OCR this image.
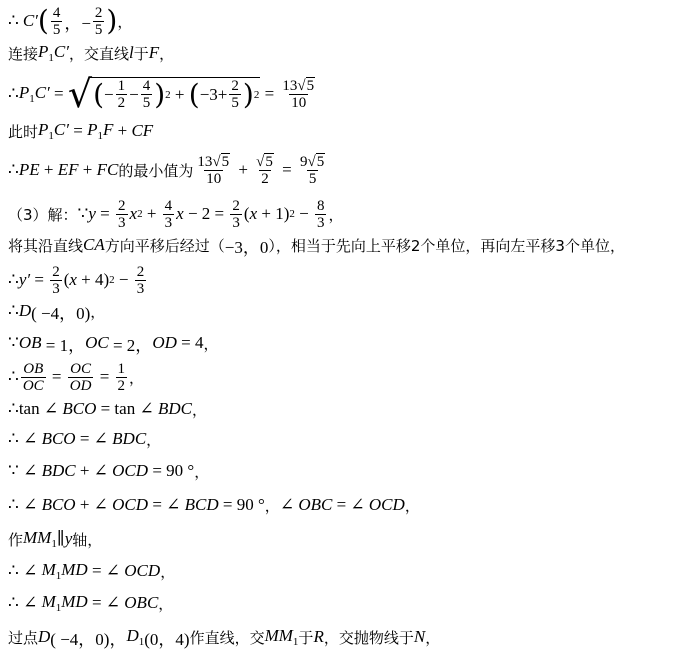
∴ C′ ( $\frac{4}{5}$ ，− $\frac{2}{5}$ ) ，
连接 $P_1C'$ ，交直线 l 于 F ，
∴ $P_1C'$ = √ ( − $\frac{1}{2} - \frac{4}{5}$ ) 2 + ( $-3+ \frac{2}{5}$ ) $2 = \frac{13√5}{10}$
此时 $P_1C' = P_1F$ + CF
∴ PE + EF + FC 的最小值为 $\frac{13√5}{10} + \frac{√5}{2} = \frac{9√5}{5}$
（3）解： ∵ $y = \frac{2}{3}$ x $2 + \frac{4}{3}$ $x - 2 = \frac{2}{3}$ ( x + 1) $2 - \frac{8}{3}$ ，
将其沿直线 CA 方向平移后经过（ −3，0 ），相当于先向上平移2个单位，再向左平移3个单位，
∴ $y' = \frac{2}{3}$ ( x + 4) $2 - \frac{2}{3}$
∴ D ( −4，0) ，
∵ OB = 1， OC = 2， OD = 4 ，
∴ $\frac{OB}{OC} = \frac{OC}{OD} = \frac{1}{2}$ ，
∴tan ∠ BCO = tan ∠ BDC ，
∴ ∠ BCO = ∠ BDC ，
∵ ∠ BDC + ∠ OCD = 90 ° ，
∴ ∠ BCO + ∠ OCD = ∠ BCD = 90 ° ， ∠ OBC = ∠ OCD ，
作 $MM_1$ ∥ y 轴，
∴ ∠ $M_1MD$ = ∠ OCD ，
∴ ∠ $M_1MD$ = ∠ OBC ，
过点 D ( −4，0)， $D_1$ (0，4) 作直线，交 $MM_1$ 于 R ，交抛物线于 N ，
